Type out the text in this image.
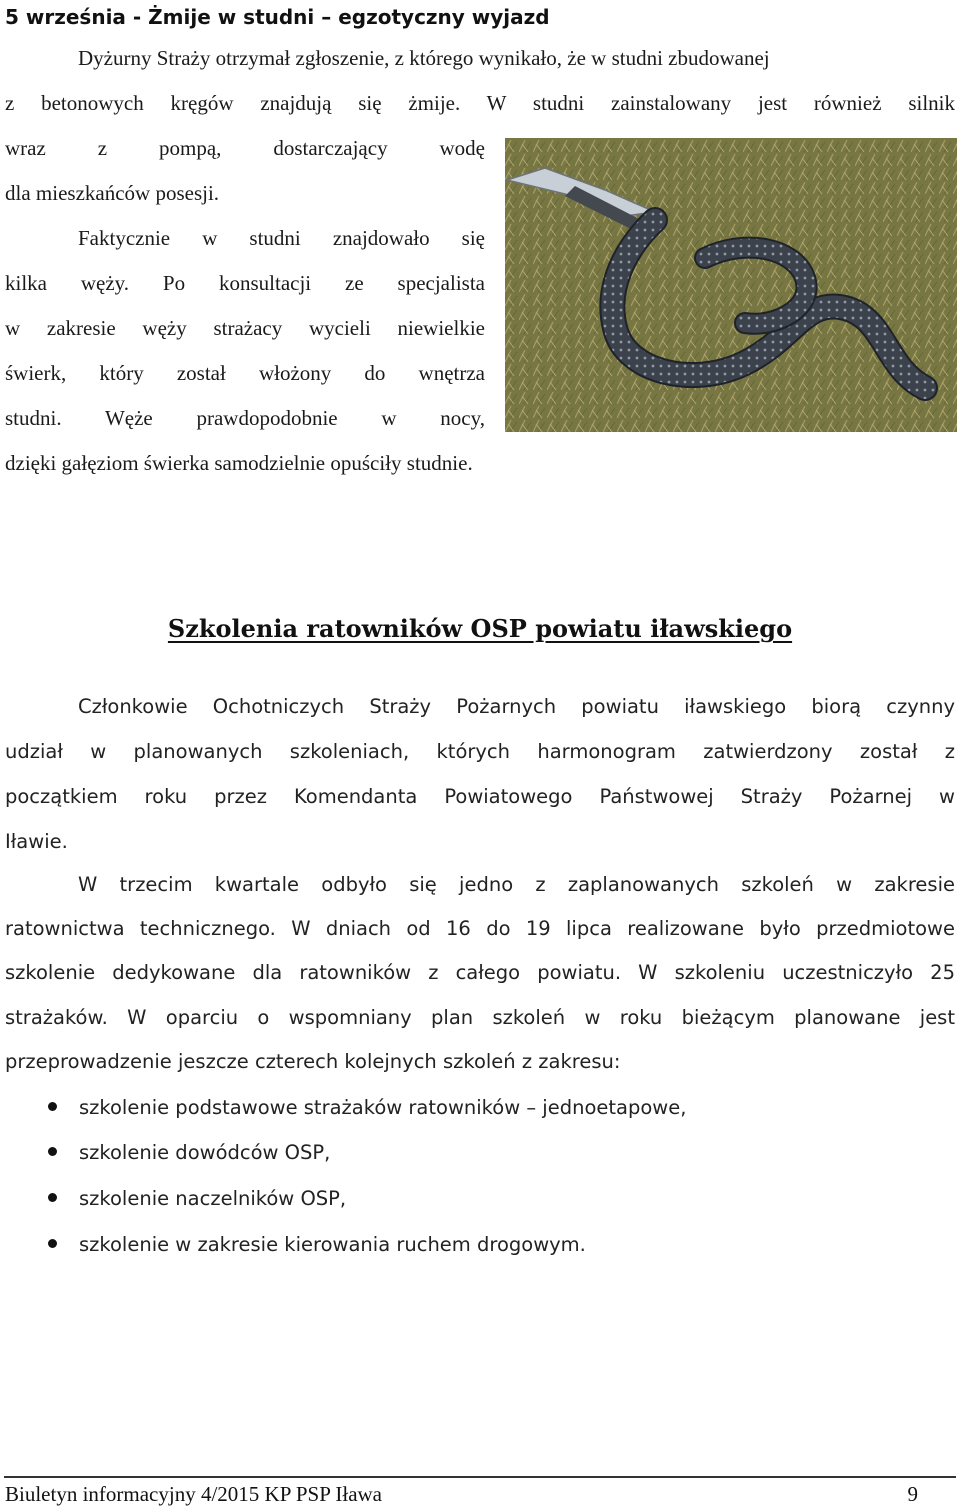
5 września - Żmije w studni – egzotyczny wyjazd
Dyżurny Straży otrzymał zgłoszenie, z którego wynikało, że w studni zbudowanej
z betonowych kręgów znajdują się żmije. W studni zainstalowany jest również silnik
wraz z pompą, dostarczający wodę
dla mieszkańców posesji.
Faktycznie w studni znajdowało się
kilka węży. Po konsultacji ze specjalista
w zakresie węży strażacy wycieli niewielkie
świerk, który został włożony do wnętrza
studni. Węże prawdopodobnie w nocy,
dzięki gałęziom świerka samodzielnie opuściły studnie.
Szkolenia ratowników OSP powiatu iławskiego
Członkowie Ochotniczych Straży Pożarnych powiatu iławskiego biorą czynny
udział w planowanych szkoleniach, których harmonogram zatwierdzony został z
początkiem roku przez Komendanta Powiatowego Państwowej Straży Pożarnej w
Iławie.
W trzecim kwartale odbyło się jedno z zaplanowanych szkoleń w zakresie
ratownictwa technicznego. W dniach od 16 do 19 lipca realizowane było przedmiotowe
szkolenie dedykowane dla ratowników z całego powiatu. W szkoleniu uczestniczyło 25
strażaków. W oparciu o wspomniany plan szkoleń w roku bieżącym planowane jest
przeprowadzenie jeszcze czterech kolejnych szkoleń z zakresu:
szkolenie podstawowe strażaków ratowników – jednoetapowe,
szkolenie dowódców OSP,
szkolenie naczelników OSP,
szkolenie w zakresie kierowania ruchem drogowym.
Biuletyn informacyjny 4/2015 KP PSP Iława	9
